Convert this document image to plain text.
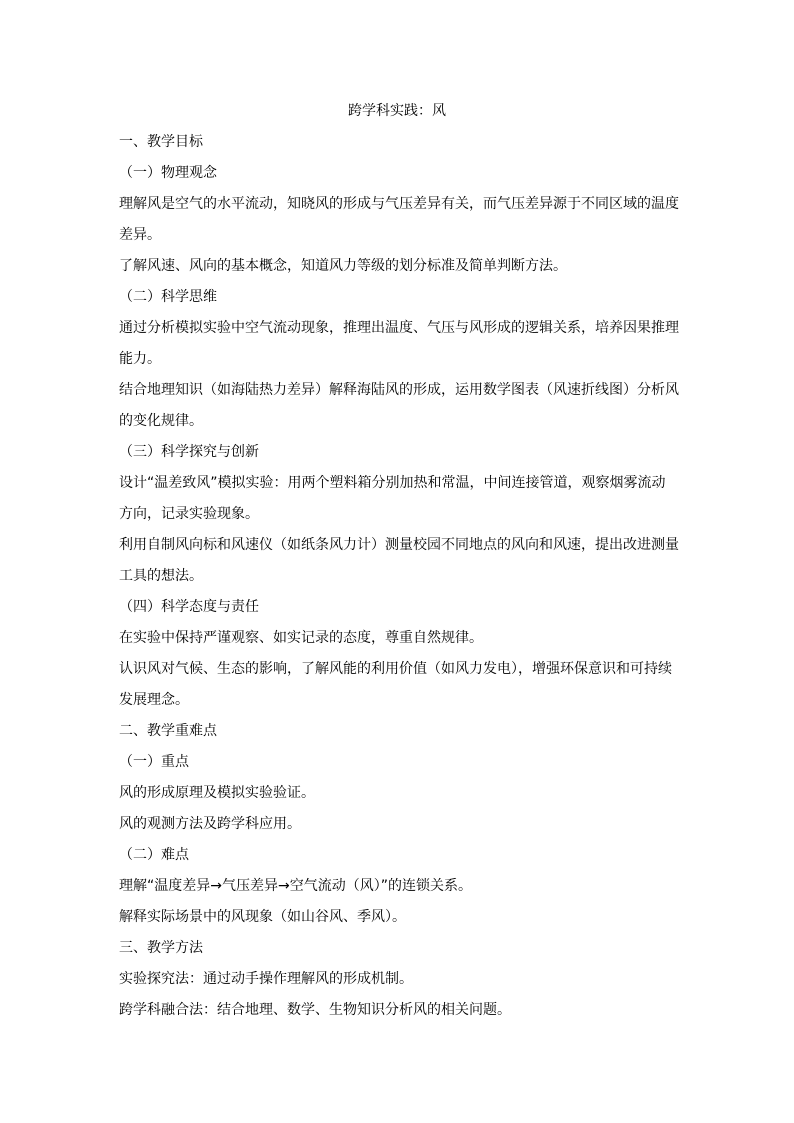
跨学科实践：风
一、教学目标
（一）物理观念
理解风是空气的水平流动，知晓风的形成与气压差异有关，而气压差异源于不同区域的温度
差异。
了解风速、风向的基本概念，知道风力等级的划分标准及简单判断方法。
（二）科学思维
通过分析模拟实验中空气流动现象，推理出温度、气压与风形成的逻辑关系，培养因果推理
能力。
结合地理知识（如海陆热力差异）解释海陆风的形成，运用数学图表（风速折线图）分析风
的变化规律。
（三）科学探究与创新
设计“温差致风”模拟实验：用两个塑料箱分别加热和常温，中间连接管道，观察烟雾流动
方向，记录实验现象。
利用自制风向标和风速仪（如纸条风力计）测量校园不同地点的风向和风速，提出改进测量
工具的想法。
（四）科学态度与责任
在实验中保持严谨观察、如实记录的态度，尊重自然规律。
认识风对气候、生态的影响，了解风能的利用价值（如风力发电），增强环保意识和可持续
发展理念。
二、教学重难点
（一）重点
风的形成原理及模拟实验验证。
风的观测方法及跨学科应用。
（二）难点
理解“温度差异→气压差异→空气流动（风）”的连锁关系。
解释实际场景中的风现象（如山谷风、季风）。
三、教学方法
实验探究法：通过动手操作理解风的形成机制。
跨学科融合法：结合地理、数学、生物知识分析风的相关问题。
